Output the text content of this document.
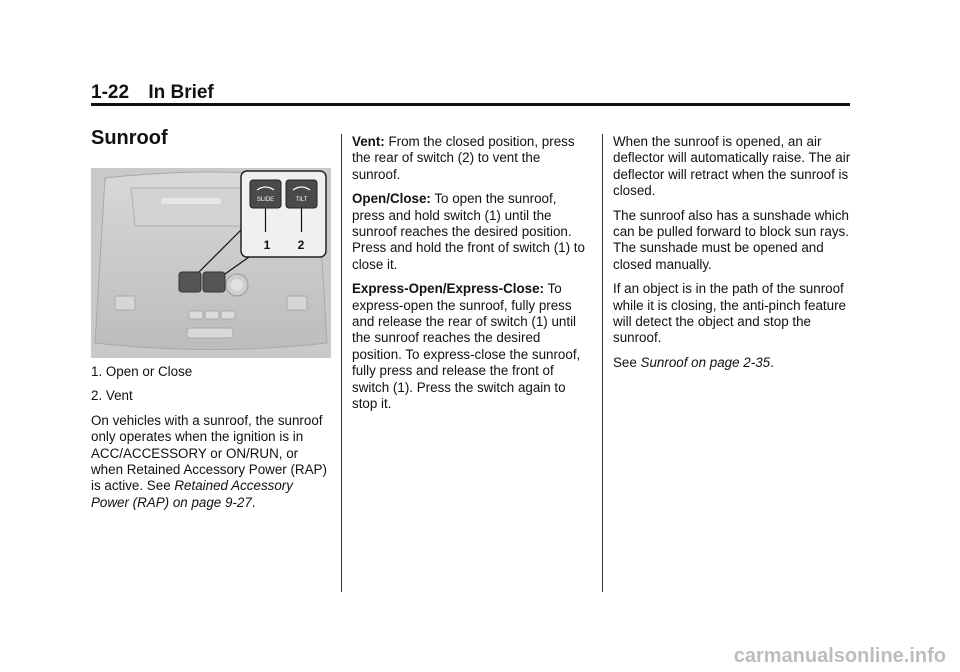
1-22 In Brief
Sunroof
SLIDE	TILT
1 2

1. Open or Close

2. Vent

On vehicles with a sunroof, the sunroof only operates when the ignition is in ACC/ACCESSORY or ON/RUN, or when Retained Accessory Power (RAP) is active. See Retained Accessory Power (RAP) on page 9-27.

Vent: From the closed position, press the rear of switch (2) to vent the sunroof.

Open/Close: To open the sunroof, press and hold switch (1) until the sunroof reaches the desired position. Press and hold the front of switch (1) to close it.

Express-Open/Express-Close: To express-open the sunroof, fully press and release the rear of switch (1) until the sunroof reaches the desired position. To express-close the sunroof, fully press and release the front of switch (1). Press the switch again to stop it.

When the sunroof is opened, an air deflector will automatically raise. The air deflector will retract when the sunroof is closed.

The sunroof also has a sunshade which can be pulled forward to block sun rays. The sunshade must be opened and closed manually.

If an object is in the path of the sunroof while it is closing, the anti-pinch feature will detect the object and stop the sunroof.

See Sunroof on page 2-35.

carmanualsonline.info
